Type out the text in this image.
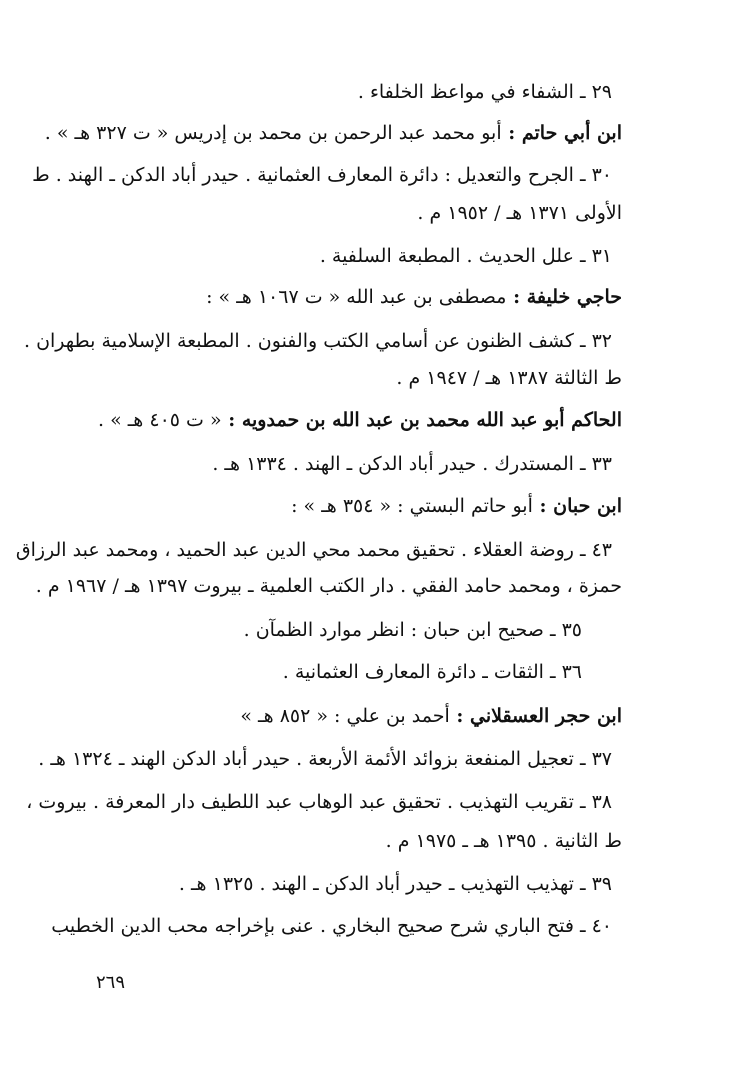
٢٩ ـ الشفاء في مواعظ الخلفاء .
ابن أبي حاتم : أبو محمد عبد الرحمن بن محمد بن إدريس « ت ٣٢٧ هـ » .
٣٠ ـ الجرح والتعديل : دائرة المعارف العثمانية . حيدر أباد الدكن ـ الهند . ط
الأولى ١٣٧١ هـ / ١٩٥٢ م .
٣١ ـ علل الحديث . المطبعة السلفية .
حاجي خليفة : مصطفى بن عبد الله « ت ١٠٦٧ هـ » :
٣٢ ـ كشف الظنون عن أسامي الكتب والفنون . المطبعة الإسلامية بطهران .
ط الثالثة ١٣٨٧ هـ / ١٩٤٧ م .
الحاكم أبو عبد الله محمد بن عبد الله بن حمدويه : « ت ٤٠٥ هـ » .
٣٣ ـ المستدرك . حيدر أباد الدكن ـ الهند . ١٣٣٤ هـ .
ابن حبان : أبو حاتم البستي : « ٣٥٤ هـ » :
٤٣ ـ روضة العقلاء . تحقيق محمد محي الدين عبد الحميد ، ومحمد عبد الرزاق
حمزة ، ومحمد حامد الفقي . دار الكتب العلمية ـ بيروت ١٣٩٧ هـ / ١٩٦٧ م .
٣٥ ـ صحيح ابن حبان : انظر موارد الظمآن .
٣٦ ـ الثقات ـ دائرة المعارف العثمانية .
ابن حجر العسقلاني : أحمد بن علي : « ٨٥٢ هـ »
٣٧ ـ تعجيل المنفعة بزوائد الأئمة الأربعة . حيدر أباد الدكن الهند ـ ١٣٢٤ هـ .
٣٨ ـ تقريب التهذيب . تحقيق عبد الوهاب عبد اللطيف دار المعرفة . بيروت ،
ط الثانية . ١٣٩٥ هـ ـ ١٩٧٥ م .
٣٩ ـ تهذيب التهذيب ـ حيدر أباد الدكن ـ الهند . ١٣٢٥ هـ .
٤٠ ـ فتح الباري شرح صحيح البخاري . عنى بإخراجه محب الدين الخطيب
٢٦٩
